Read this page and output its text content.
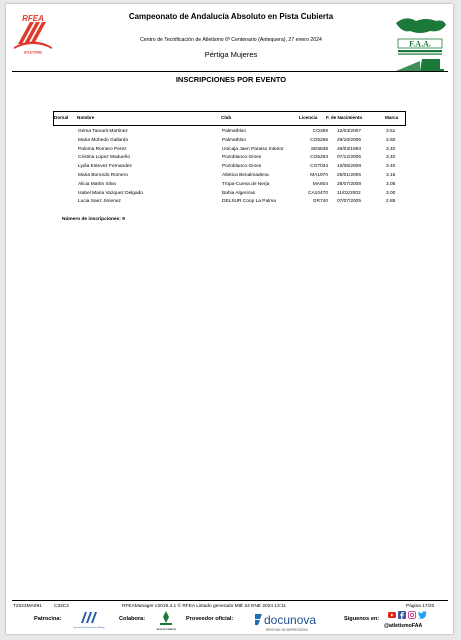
RFEA
ATLETISMO
F.A.A.
Campeonato de Andalucía Absoluto en Pista Cubierta
Centro de Tecnificación de Atletismo 6º Centenario (Antequera), 27 enero 2024
Pértiga Mujeres
INSCRIPCIONES POR EVENTO
Dorsal Nombre	Club	Licencia F. de Nacimiento	Marca
Gema Tamarit Martinez	Palmathlon	CO359 12/03/2007	3.51
Maria Mohedo Gallardo	Palmathlon	CO5266 29/10/2006	3.50
Paloma Romero Perez	Unicaja Jaen Paraiso Interior	SE5838 26/03/1993	3.40
Cristina Lopez Madueño	Pozoblanco-Gines	CO5293 07/12/2006	3.40
Lydia Estevez Fernandez	Pozoblanco-Gines	CO7034 10/06/2008	3.40
Maria Borondo Romero	Atletica Benalmadena	MA1970 25/01/2006	3.15
Alicia Martin Silva	Tropa-Cueva de Nerja	MA804 28/07/2008	3.05
Isabel Maria Vazquez Delgado	Bahia Algeciras	CA10470 11/02/2002	3.00
Lucia Saez Jimenez	DELSUR Coop La Palma	GR740 07/07/2005	2.85
Número de inscripciones: 9
T2023MA091	C32C2	RFEAManager v2019.4.1 © RFEA Listado generado MIÉ 24 ENE 2024 13:11	Página 17/20
Patrocina:
Diputación Provincial de Málaga
Colabora:
Junta de Andalucía
Proveedor oficial:	docunova
RENTING DE IMPRESORAS
Síguenos en:
@atletismoFAA
